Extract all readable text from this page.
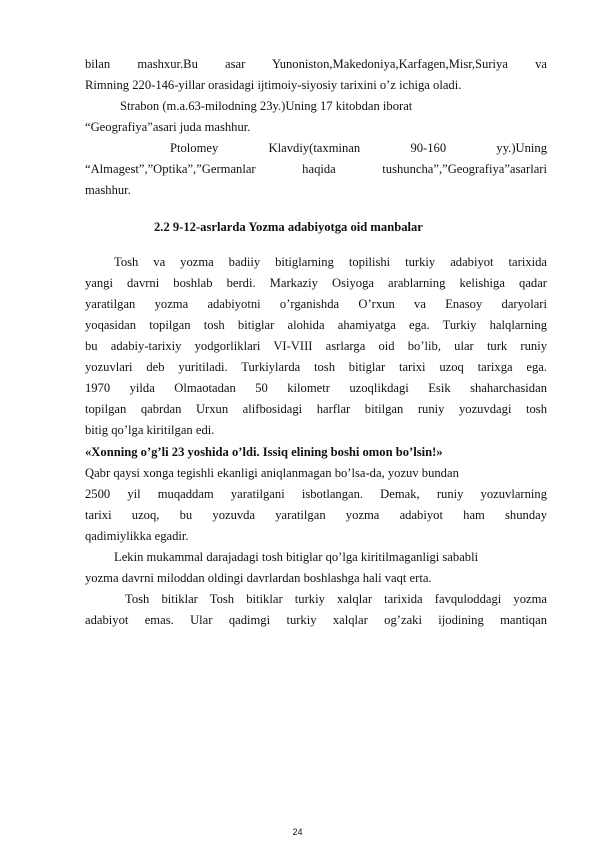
bilan mashxur.Bu asar Yunoniston,Makedoniya,Karfagen,Misr,Suriya va
Rimning 220-146-yillar orasidagi ijtimoiy-siyosiy tarixini o’z ichiga oladi.
Strabon (m.a.63-milodning 23y.)Uning 17 kitobdan iborat
“Geografiya”asari juda mashhur.
Ptolomey Klavdiy(taxminan 90-160 yy.)Uning
“Almagest”,”Optika”,”Germanlar haqida tushuncha”,”Geografiya”asarlari
mashhur.
2.2 9-12-asrlarda Yozma adabiyotga oid manbalar
Tosh va yozma badiiy bitiglarning topilishi turkiy adabiyot tarixida
yangi davrni boshlab berdi. Markaziy Osiyoga arablarning kelishiga qadar
yaratilgan yozma adabiyotni o’rganishda O’rxun va Enasoy daryolari
yoqasidan topilgan tosh bitiglar alohida ahamiyatga ega. Turkiy halqlarning
bu adabiy-tarixiy yodgorliklari VI-VIII asrlarga oid bo’lib, ular turk runiy
yozuvlari deb yuritiladi. Turkiylarda tosh bitiglar tarixi uzoq tarixga ega.
1970 yilda Olmaotadan 50 kilometr uzoqlikdagi Esik shaharchasidan
topilgan qabrdan Urxun alifbosidagi harflar bitilgan runiy yozuvdagi tosh
bitig qo’lga kiritilgan edi.
«Xonning o’g’li 23 yoshida o’ldi. Issiq elining boshi omon bo’lsin!»
Qabr qaysi xonga tegishli ekanligi aniqlanmagan bo’lsa-da, yozuv bundan
2500 yil muqaddam yaratilgani isbotlangan. Demak, runiy yozuvlarning
tarixi uzoq, bu yozuvda yaratilgan yozma adabiyot ham shunday
qadimiylikka egadir.
Lekin mukammal darajadagi tosh bitiglar qo’lga kiritilmaganligi sababli
yozma davrni miloddan oldingi davrlardan boshlashga hali vaqt erta.
Tosh bitiklar Tosh bitiklar turkiy xalqlar tarixida favquloddagi yozma
adabiyot emas. Ular qadimgi turkiy xalqlar og’zaki ijodining mantiqan
24
